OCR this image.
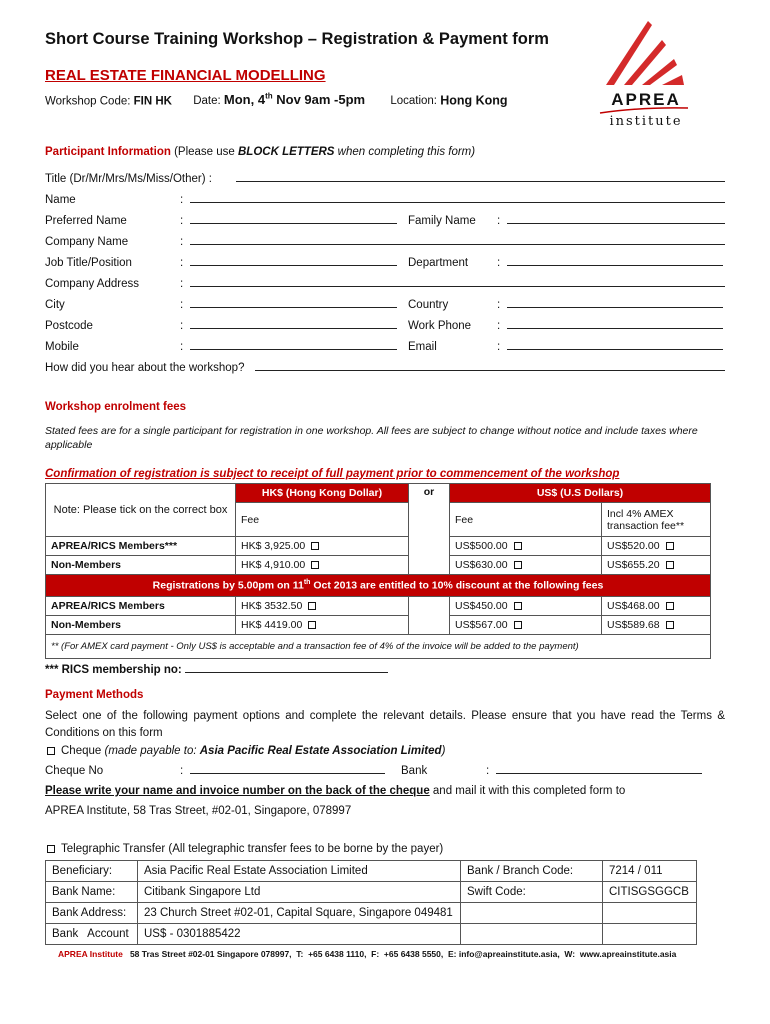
Short Course Training Workshop – Registration & Payment form
REAL ESTATE FINANCIAL MODELLING
Workshop Code: FIN HK Date: Mon, 4th Nov 9am -5pm Location: Hong Kong	APREA
institute
Participant Information (Please use BLOCK LETTERS when completing this form)
Title (Dr/Mr/Mrs/Ms/Miss/Other) :
Name	:
Preferred Name	:	Family Name :
Company Name	:
Job Title/Position	:	Department	:
Company Address	:
City	:	Country	:
Postcode	:	Work Phone :
Mobile	:	Email	:
How did you hear about the workshop?
Workshop enrolment fees
Stated fees are for a single participant for registration in one workshop. All fees are subject to change without notice and include taxes where applicable
Confirmation of registration is subject to receipt of full payment prior to commencement of the workshop
Note: Please tick on the correct box	HK$ (Hong Kong Dollar)	or	US$ (U.S Dollars)	
	Fee		Fee	Incl 4% AMEX transaction fee**
APREA/RICS Members***	HK$ 3,925.00		US$500.00	US$520.00
Non-Members	HK$ 4,910.00		US$630.00	US$655.20
Registrations by 5.00pm on 11th Oct 2013 are entitled to 10% discount at the following fees				
APREA/RICS Members	HK$ 3532.50		US$450.00	US$468.00
Non-Members	HK$ 4419.00		US$567.00	US$589.68
** (For AMEX card payment - Only US$ is acceptable and a transaction fee of 4% of the invoice will be added to the payment)				
*** RICS membership no:
Payment Methods
Select one of the following payment options and complete the relevant details. Please ensure that you have read the Terms & Conditions on this form
Cheque (made payable to: Asia Pacific Real Estate Association Limited)
Cheque No	:	Bank	:
Please write your name and invoice number on the back of the cheque and mail it with this completed form to
APREA Institute, 58 Tras Street, #02-01, Singapore, 078997
Telegraphic Transfer (All telegraphic transfer fees to be borne by the payer)
Beneficiary:	Asia Pacific Real Estate Association Limited	Bank / Branch Code:	7214 / 011
Bank Name:	Citibank Singapore Ltd	Swift Code:	CITISGSGGCB
Bank Address:	23 Church Street #02-01, Capital Square, Singapore 049481		
Bank   Account	US$ - 0301885422		
APREA Institute 58 Tras Street #02-01 Singapore 078997,  T:  +65 6438 1110,  F:  +65 6438 5550,  E: info@apreainstitute.asia,  W:  www.apreainstitute.asia
